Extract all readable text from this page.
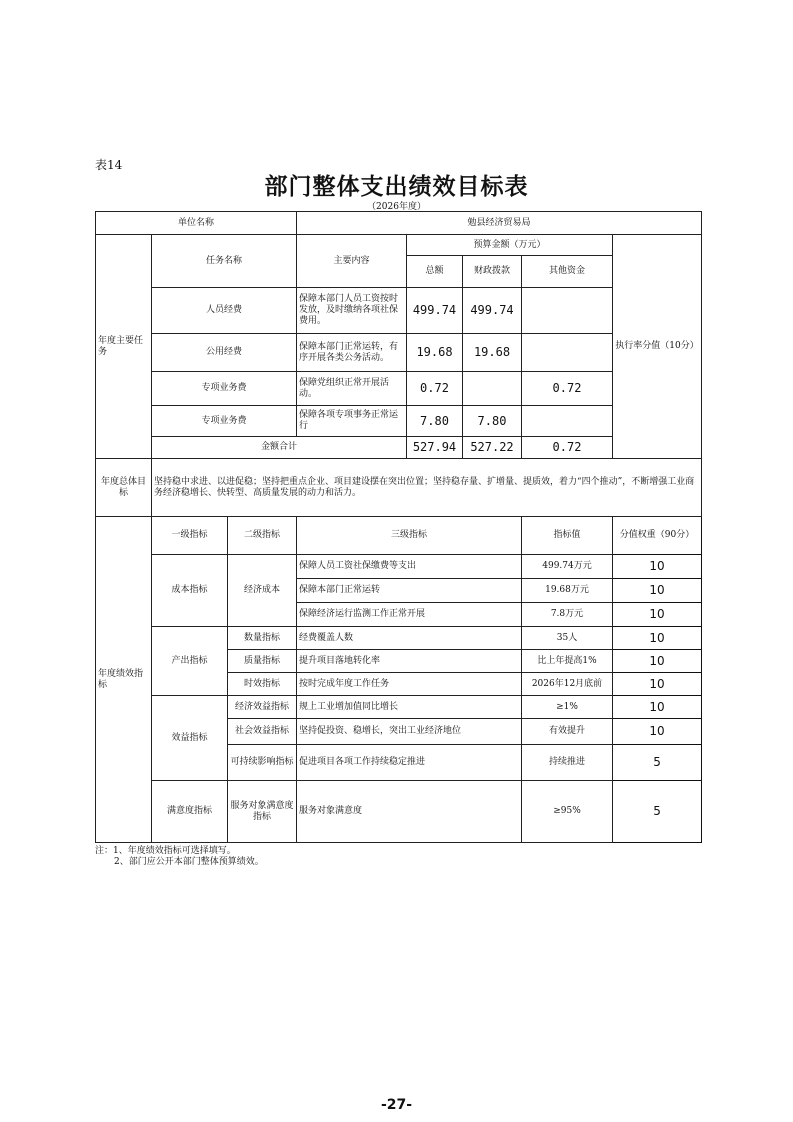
表14
部门整体支出绩效目标表
（2026年度）
单位名称			勉县经济贸易局				
年度主要任务	任务名称		主要内容	预算金额（万元）			执行率分值（10分）
				总额	财政拨款	其他资金	
	人员经费		保障本部门人员工资按时发放，及时缴纳各项社保费用。	499.74	499.74		
	公用经费		保障本部门正常运转，有序开展各类公务活动。	19.68	19.68		
	专项业务费		保障党组织正常开展活动。	0.72		0.72	
	专项业务费		保障各项专项事务正常运行	7.80	7.80		
	金额合计			527.94	527.22	0.72	

年度总体目标	坚持稳中求进、以进促稳；坚持把重点企业、项目建设摆在突出位置；坚持稳存量、扩增量、提质效，着力“四个推动”，不断增强工业商务经济稳增长、快转型、高质量发展的动力和活力。						
年度绩效指标	一级指标	二级指标	三级指标			指标值	分值权重（90分）
	成本指标	经济成本	保障人员工资社保缴费等支出			499.74万元	10
			保障本部门正常运转			19.68万元	10
			保障经济运行监测工作正常开展			7.8万元	10
	产出指标	数量指标	经费覆盖人数			35人	10
		质量指标	提升项目落地转化率			比上年提高1%	10
		时效指标	按时完成年度工作任务			2026年12月底前	10
	效益指标	经济效益指标	规上工业增加值同比增长			≥1%	10
		社会效益指标	坚持促投资、稳增长，突出工业经济地位			有效提升	10
		可持续影响指标	促进项目各项工作持续稳定推进			持续推进	5
	满意度指标	服务对象满意度指标	服务对象满意度			≥95%	5
注：1、年度绩效指标可选择填写。
2、部门应公开本部门整体预算绩效。
-27-
